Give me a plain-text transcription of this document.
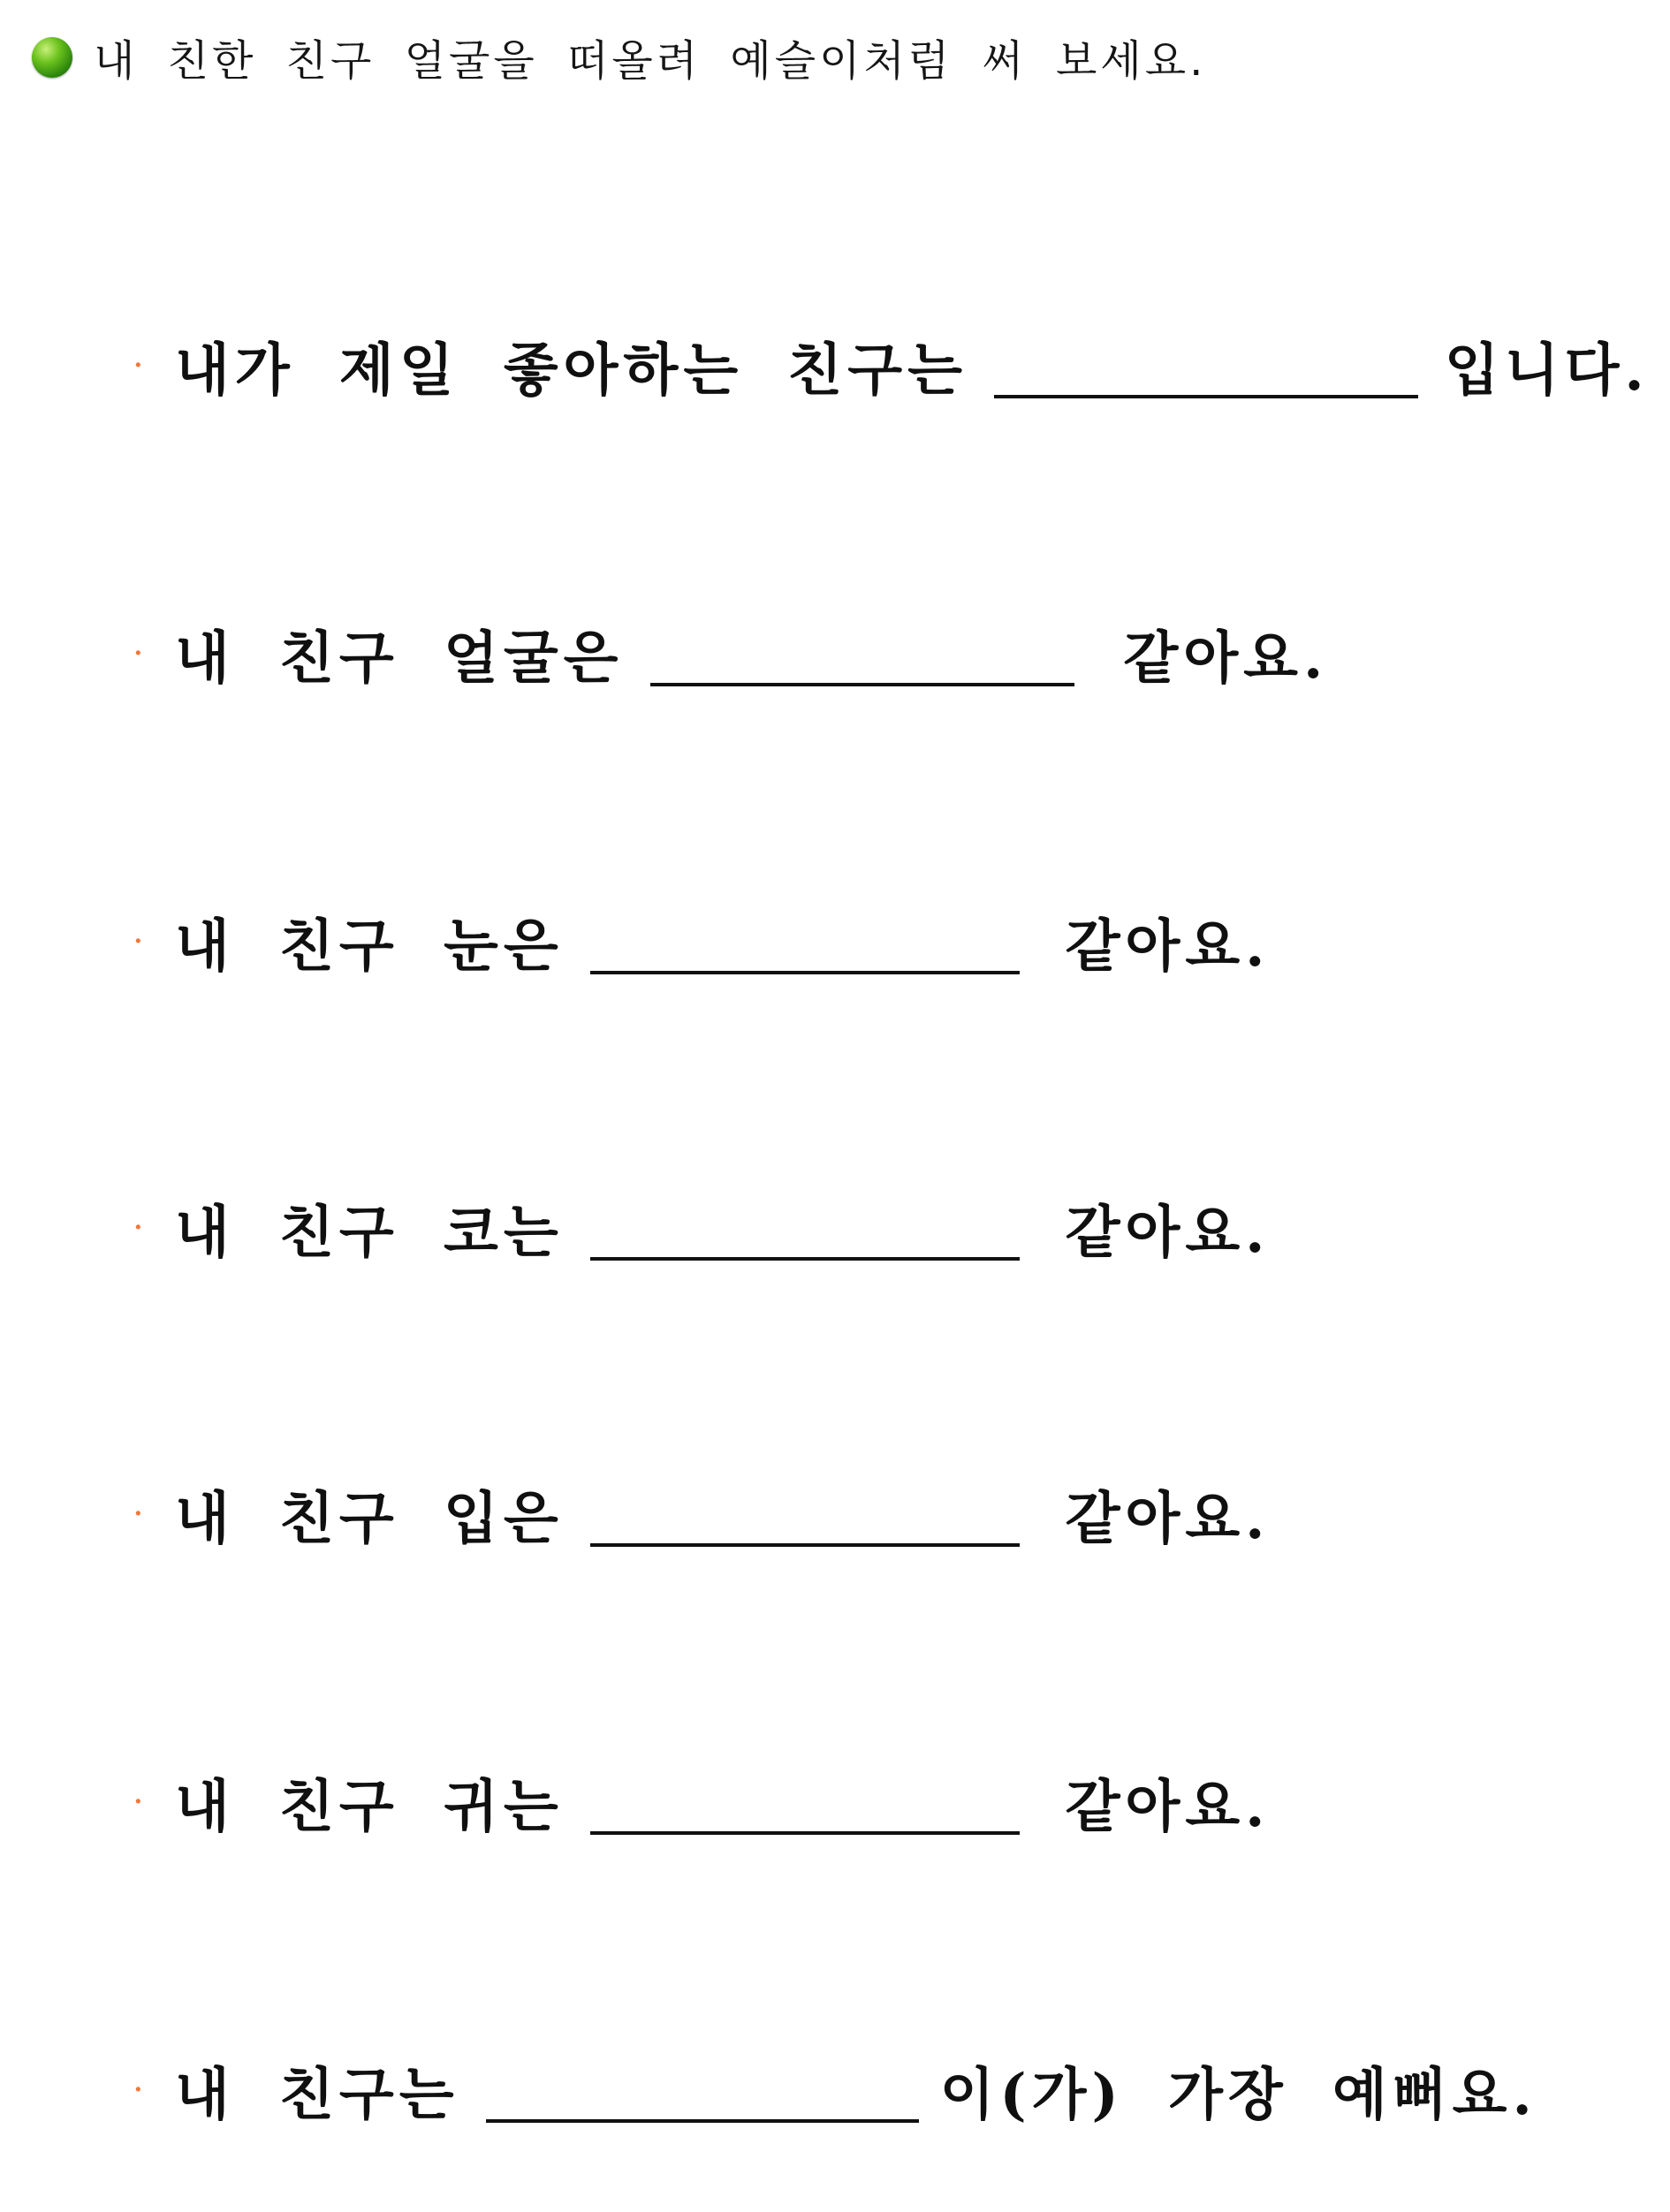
내 친한 친구 얼굴을 떠올려 예슬이처럼 써 보세요.
· 내가 제일 좋아하는 친구는	입니다.
· 내 친구 얼굴은	같아요.
· 내 친구 눈은	같아요.
· 내 친구 코는	같아요.
· 내 친구 입은	같아요.
· 내 친구 귀는	같아요.
· 내 친구는	이(가) 가장 예뻐요.
